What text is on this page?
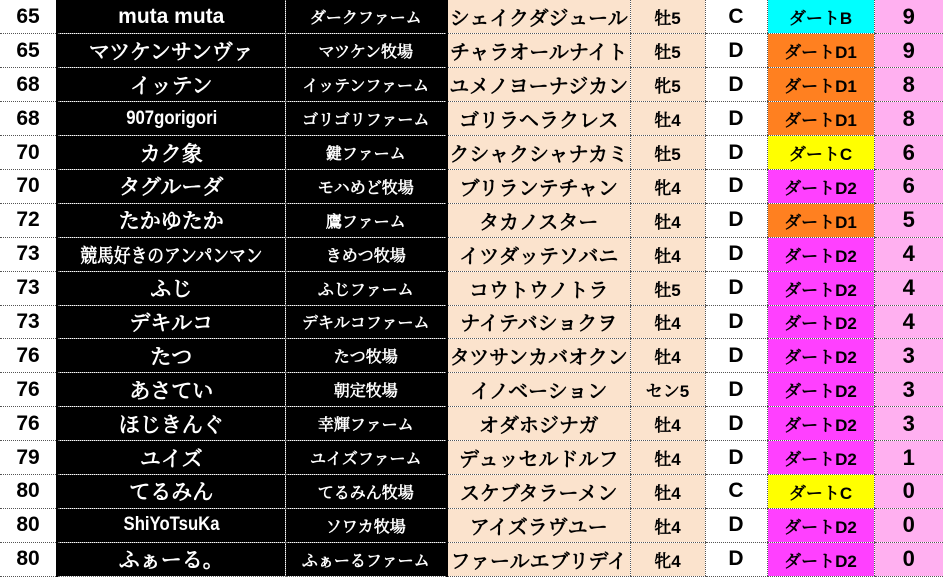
65	muta muta	ダークファーム	シェイクダジュール	牡5	C	ダートB	9
65	マツケンサンヴァ	マツケン牧場	チャラオールナイト	牡5	D	ダートD1	9
68	イッテン	イッテンファーム	ユメノヨーナジカン	牝5	D	ダートD1	8
68	907gorigori	ゴリゴリファーム	ゴリラヘラクレス	牡4	D	ダートD1	8
70	カク象	鍵ファーム	クシャクシャナカミ	牡5	D	ダートC	6
70	タグルーダ	モハめど牧場	ブリランテチャン	牝4	D	ダートD2	6
72	たかゆたか	鷹ファーム	タカノスター	牡4	D	ダートD1	5
73	競馬好きのアンパンマン	きめつ牧場	イツダッテソバニ	牡4	D	ダートD2	4
73	ふじ	ふじファーム	コウトウノトラ	牡5	D	ダートD2	4
73	デキルコ	デキルコファーム	ナイテバショクヲ	牡4	D	ダートD2	4
76	たつ	たつ牧場	タツサンカバオクン	牡4	D	ダートD2	3
76	あさてい	朝定牧場	イノベーション	セン5	D	ダートD2	3
76	ほじきんぐ	幸輝ファーム	オダホジナガ	牡4	D	ダートD2	3
79	ユイズ	ユイズファーム	デュッセルドルフ	牡4	D	ダートD2	1
80	てるみん	てるみん牧場	スケブタラーメン	牡4	C	ダートC	0
80	ShiYoTsuKa	ソワカ牧場	アイズラヴユー	牡4	D	ダートD2	0
80	ふぁーる。	ふぁーるファーム	ファールエブリデイ	牝4	D	ダートD2	0
